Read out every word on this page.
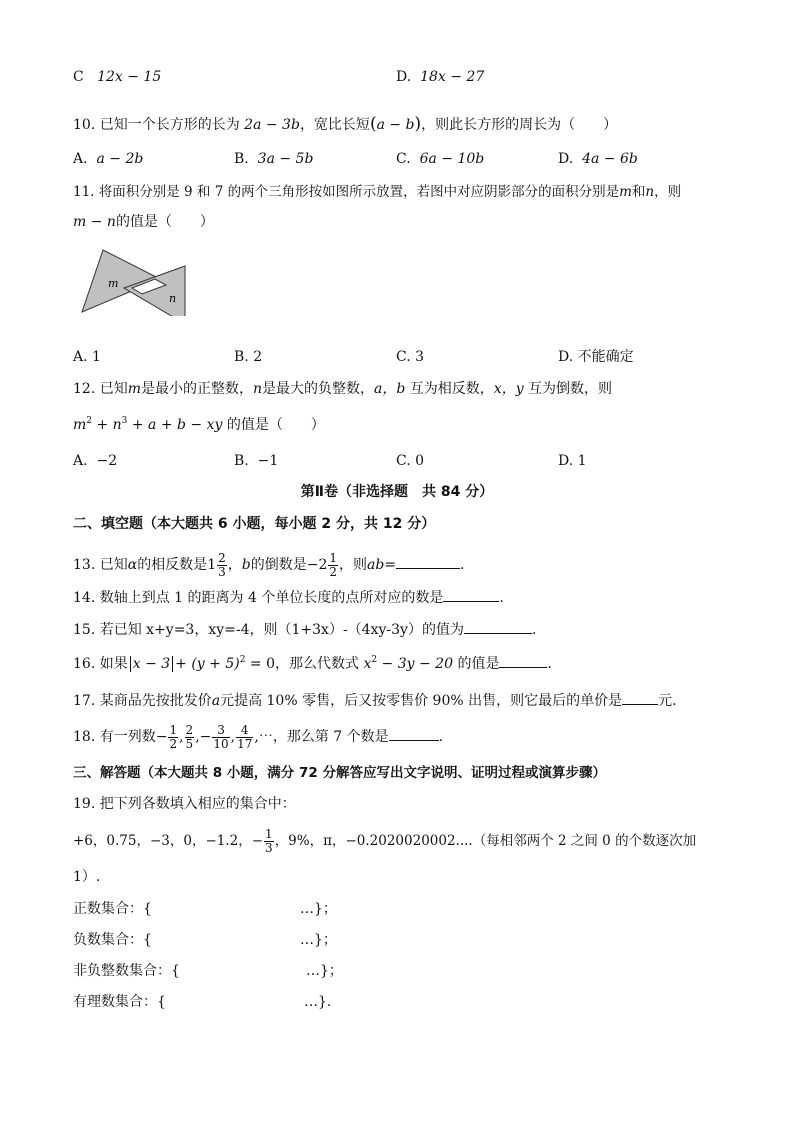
C 12x − 15	D. 18x − 27
10. 已知一个长方形的长为 2a − 3b，宽比长短(a − b)，则此长方形的周长为（　　）
A. a − 2b	B. 3a − 5b	C. 6a − 10b	D. 4a − 6b
11. 将面积分别是 9 和 7 的两个三角形按如图所示放置，若图中对应阴影部分的面积分别是m和n，则
m − n的值是（　　）
m
n
A. 1	B. 2	C. 3	D. 不能确定
12. 已知m是最小的正整数，n是最大的负整数，a，b 互为相反数，x，y 互为倒数，则
$m^2 + n^3 + a + b$ − xy 的值是（　　）
A. −2	B. −1	C. 0	D. 1
第Ⅱ卷（非选择题　共 84 分）
二、填空题（本大题共 6 小题，每小题 2 分，共 12 分）
13. 已知α的相反数是$1 \frac{2}{3}$ ，b的倒数是$-2 \frac{1}{2}$ ，则ab=	.
14. 数轴上到点 1 的距离为 4 个单位长度的点所对应的数是	.
15. 若已知 x+y=3，xy=-4，则（1+3x）-（4xy-3y）的值为	.
16. 如果 $x - 3 + (y + 5)^2 = 0$，那么代数式 $x^2 - 3y - 20$ 的值是	.
17. 某商品先按批发价a元提高 10% 零售，后又按零售价 90% 出售，则它最后的单价是	元.
18. 有一列数− $\frac{1}{2}$ , $\frac{2}{5}$ ,− $\frac{3}{10}$ , $\frac{4}{17}$ ,⋯，那么第 7 个数是	.
三、解答题（本大题共 8 小题，满分 72 分解答应写出文字说明、证明过程或演算步骤）
19. 把下列各数填入相应的集合中：
+6，0.75，−3，0，−1.2，− $\frac{1}{3}$ ，9%，π，−0.2020020002....（每相邻两个 2 之间 0 的个数逐次加
1）.
正数集合：{	…}；
负数集合：{	…}；
非负整数集合：{	…}；
有理数集合：{	…}.
